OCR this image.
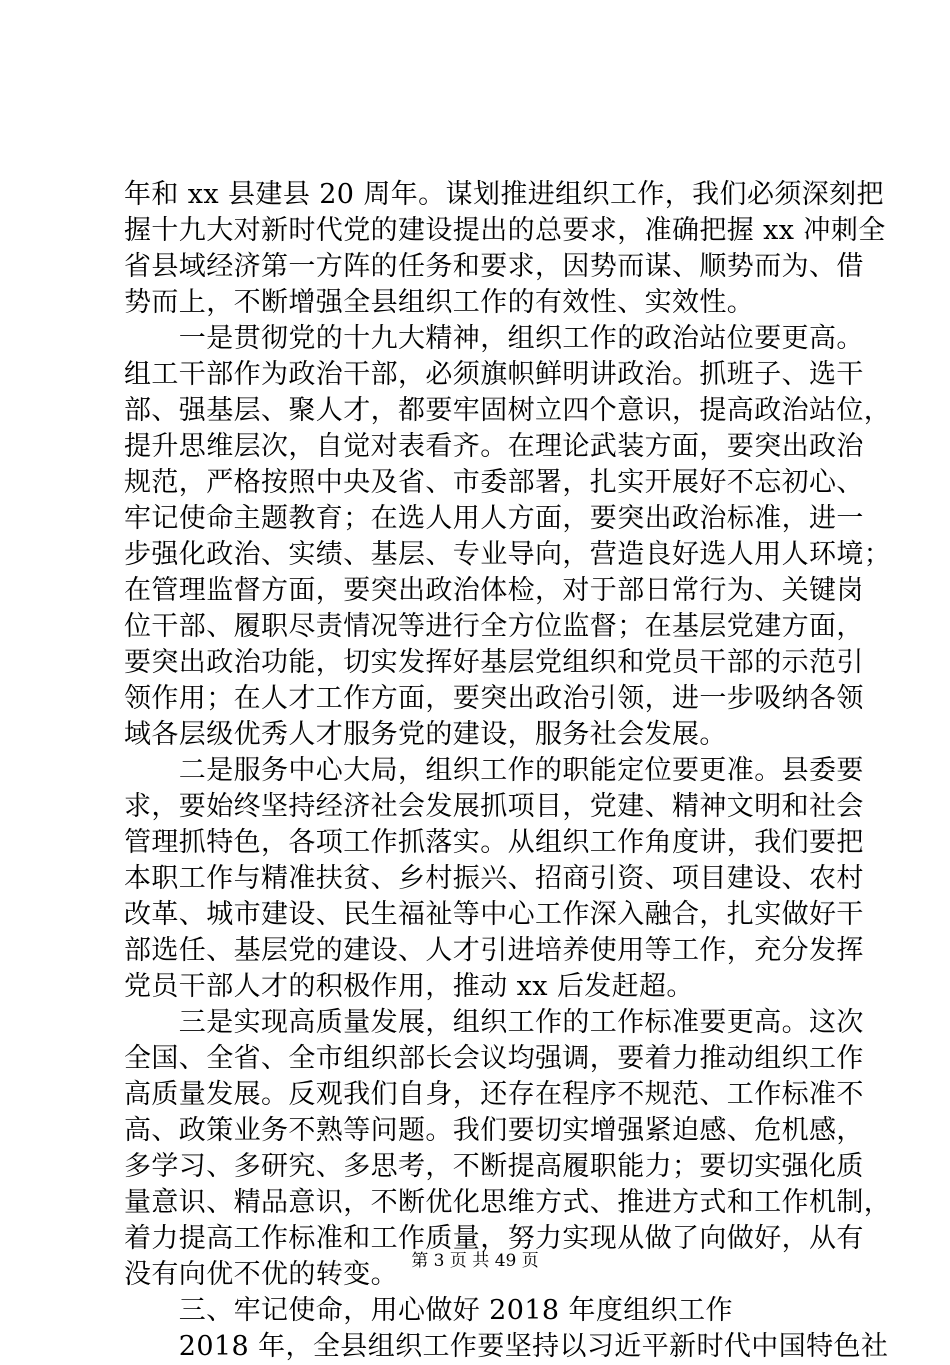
年和 xx 县建县 20 周年。谋划推进组织工作，我们必须深刻把
握十九大对新时代党的建设提出的总要求，准确把握 xx 冲刺全
省县域经济第一方阵的任务和要求，因势而谋、顺势而为、借
势而上，不断增强全县组织工作的有效性、实效性。
　　一是贯彻党的十九大精神，组织工作的政治站位要更高。
组工干部作为政治干部，必须旗帜鲜明讲政治。抓班子、选干
部、强基层、聚人才，都要牢固树立四个意识，提高政治站位，
提升思维层次，自觉对表看齐。在理论武装方面，要突出政治
规范，严格按照中央及省、市委部署，扎实开展好不忘初心、
牢记使命主题教育；在选人用人方面，要突出政治标准，进一
步强化政治、实绩、基层、专业导向，营造良好选人用人环境；
在管理监督方面，要突出政治体检，对于部日常行为、关键岗
位干部、履职尽责情况等进行全方位监督；在基层党建方面，
要突出政治功能，切实发挥好基层党组织和党员干部的示范引
领作用；在人才工作方面，要突出政治引领，进一步吸纳各领
域各层级优秀人才服务党的建设，服务社会发展。
　　二是服务中心大局，组织工作的职能定位要更准。县委要
求，要始终坚持经济社会发展抓项目，党建、精神文明和社会
管理抓特色，各项工作抓落实。从组织工作角度讲，我们要把
本职工作与精准扶贫、乡村振兴、招商引资、项目建设、农村
改革、城市建设、民生福祉等中心工作深入融合，扎实做好干
部选任、基层党的建设、人才引进培养使用等工作，充分发挥
党员干部人才的积极作用，推动 xx 后发赶超。
　　三是实现高质量发展，组织工作的工作标准要更高。这次
全国、全省、全市组织部长会议均强调，要着力推动组织工作
高质量发展。反观我们自身，还存在程序不规范、工作标准不
高、政策业务不熟等问题。我们要切实增强紧迫感、危机感，
多学习、多研究、多思考，不断提高履职能力；要切实强化质
量意识、精品意识，不断优化思维方式、推进方式和工作机制，
着力提高工作标准和工作质量，努力实现从做了向做好，从有
没有向优不优的转变。
　　三、牢记使命，用心做好 2018 年度组织工作
　　2018 年，全县组织工作要坚持以习近平新时代中国特色社
第 3 页 共 49 页
